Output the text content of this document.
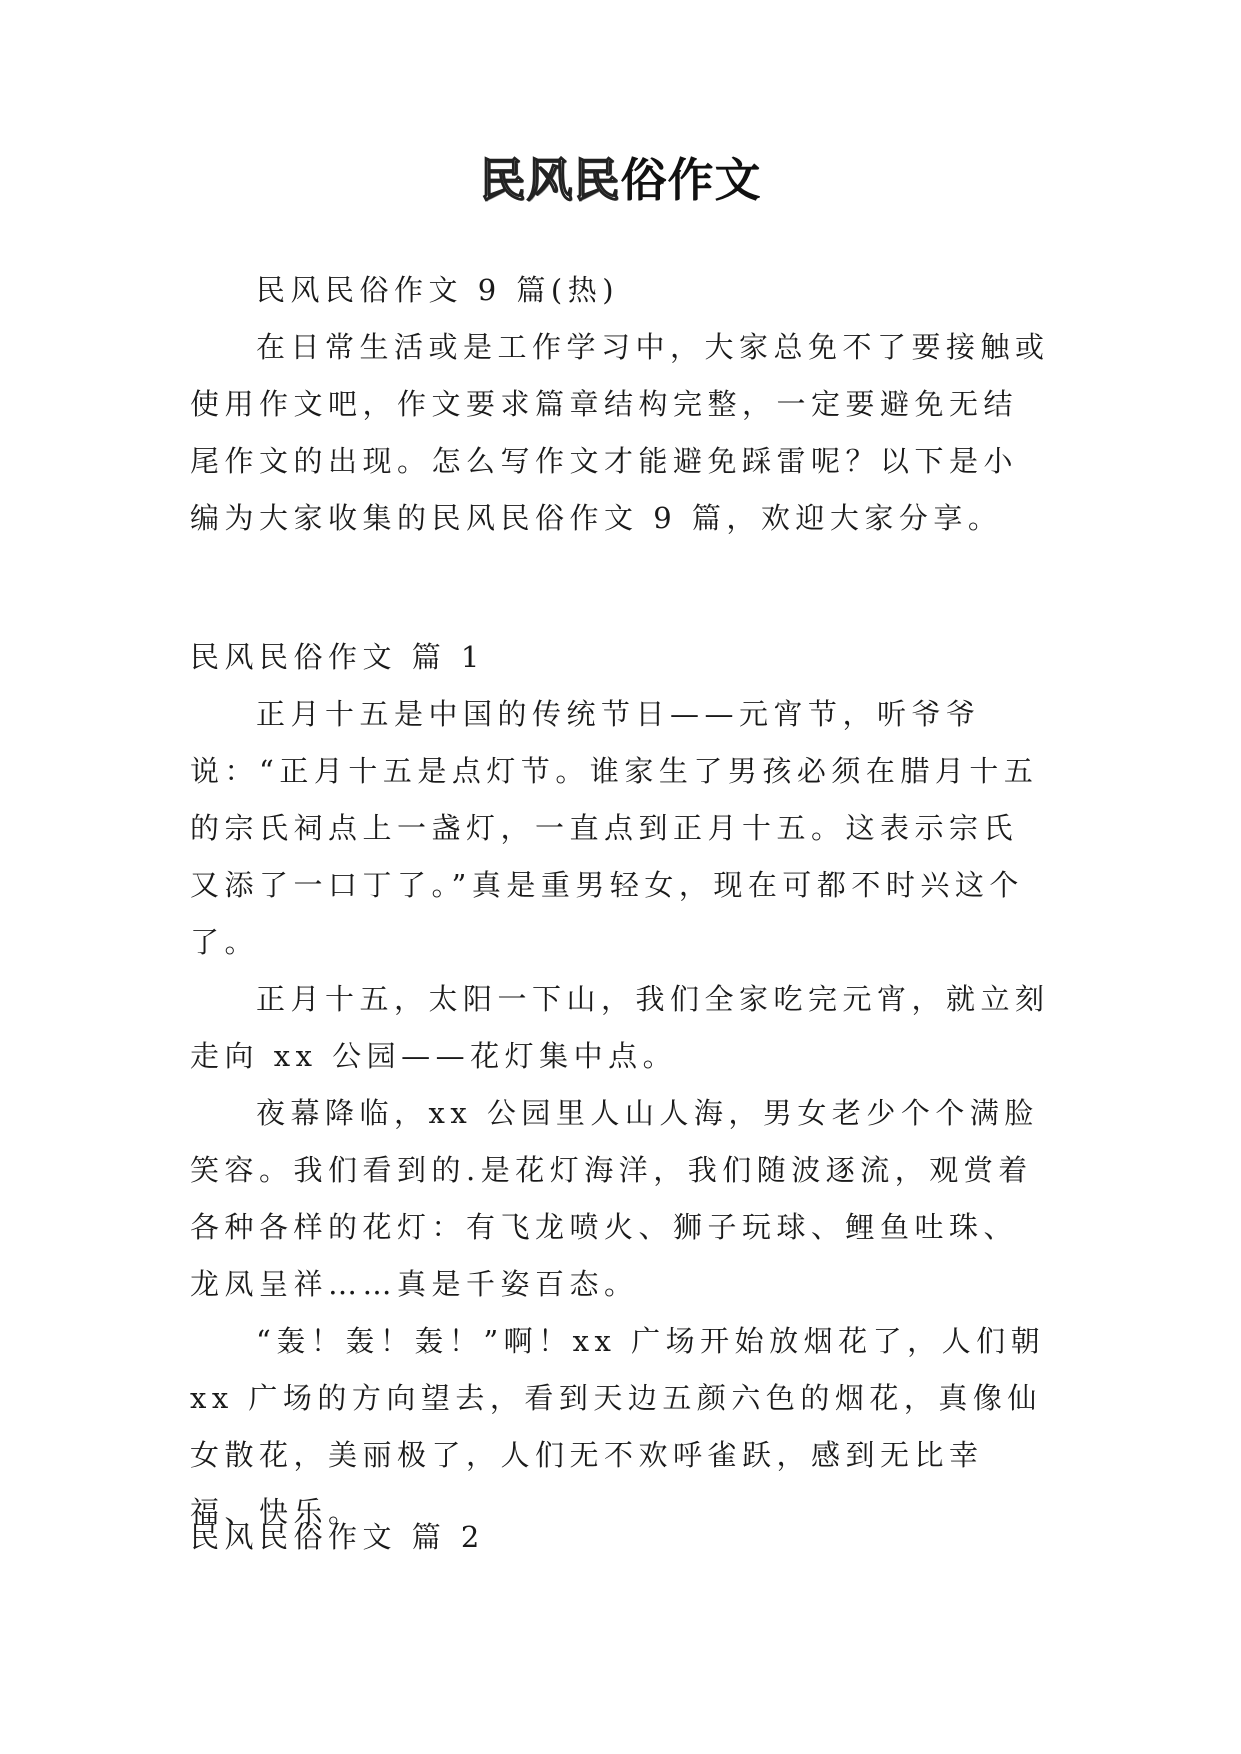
民风民俗作文

民风民俗作文 9 篇(热)

在日常生活或是工作学习中，大家总免不了要接触或使用作文吧，作文要求篇章结构完整，一定要避免无结尾作文的出现。怎么写作文才能避免踩雷呢？以下是小编为大家收集的民风民俗作文 9 篇，欢迎大家分享。

民风民俗作文 篇 1

正月十五是中国的传统节日——元宵节，听爷爷说：“正月十五是点灯节。谁家生了男孩必须在腊月十五的宗氏祠点上一盏灯，一直点到正月十五。这表示宗氏又添了一口丁了。”真是重男轻女，现在可都不时兴这个了。

正月十五，太阳一下山，我们全家吃完元宵，就立刻走向 xx 公园——花灯集中点。

夜幕降临，xx 公园里人山人海，男女老少个个满脸笑容。我们看到的.是花灯海洋，我们随波逐流，观赏着各种各样的花灯：有飞龙喷火、狮子玩球、鲤鱼吐珠、龙凤呈祥……真是千姿百态。

“轰！轰！轰！”啊！xx 广场开始放烟花了，人们朝 xx 广场的方向望去，看到天边五颜六色的烟花，真像仙女散花，美丽极了，人们无不欢呼雀跃，感到无比幸福、快乐。

民风民俗作文 篇 2
